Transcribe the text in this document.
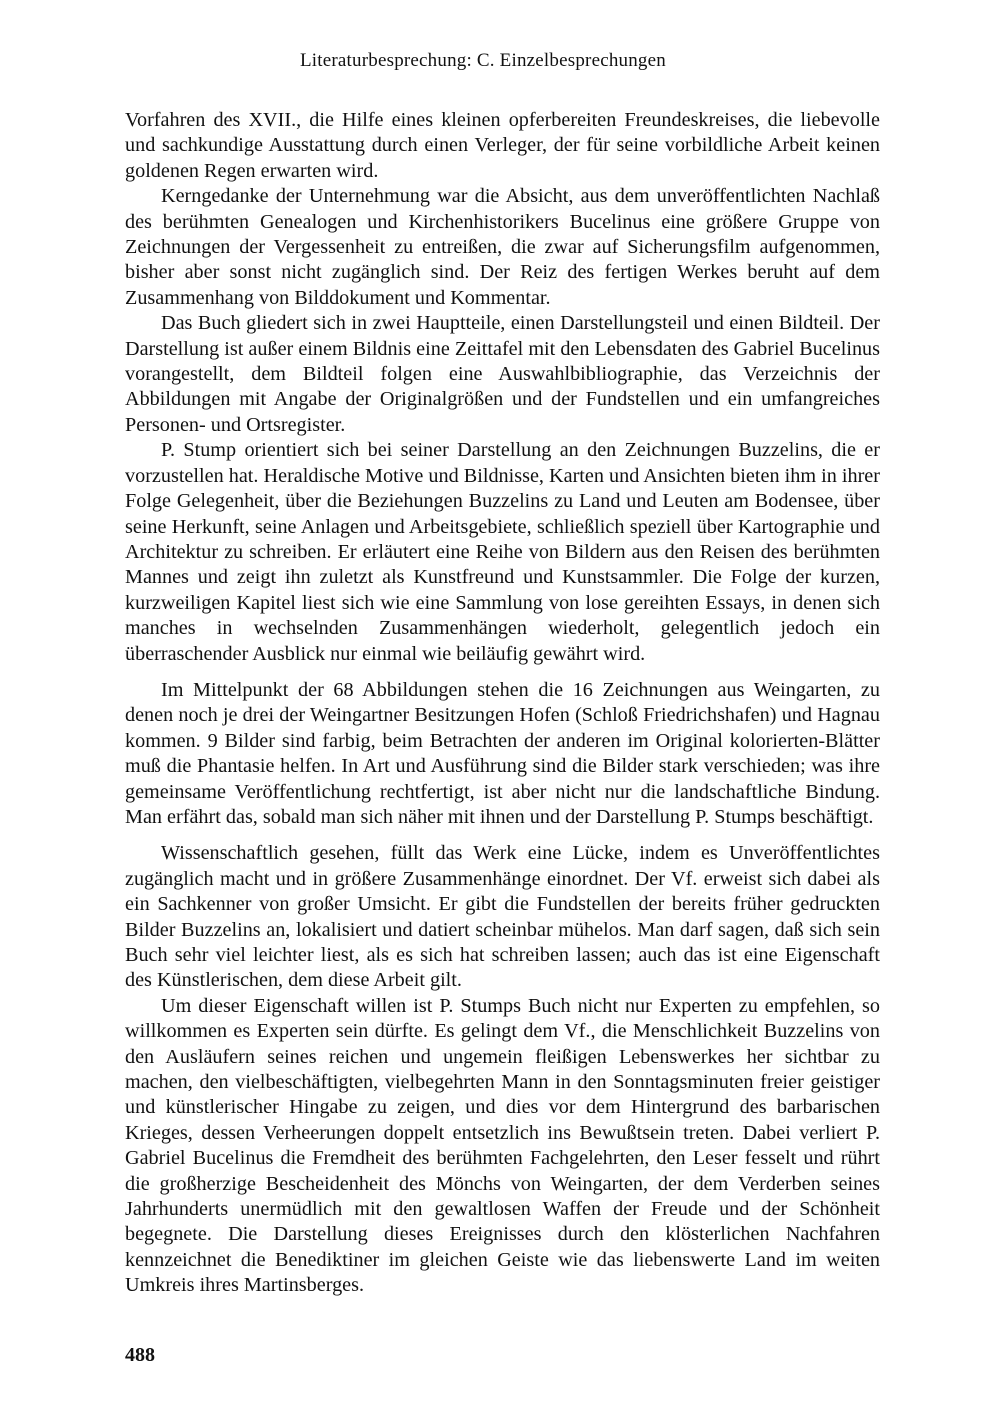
Literaturbesprechung: C. Einzelbesprechungen

Vorfahren des XVII., die Hilfe eines kleinen opferbereiten Freundeskreises, die liebevolle und sachkundige Ausstattung durch einen Verleger, der für seine vorbildliche Arbeit keinen goldenen Regen erwarten wird.

Kerngedanke der Unternehmung war die Absicht, aus dem unveröffentlichten Nachlaß des berühmten Genealogen und Kirchenhistorikers Bucelinus eine größere Gruppe von Zeichnungen der Vergessenheit zu entreißen, die zwar auf Sicherungsfilm aufgenommen, bisher aber sonst nicht zugänglich sind. Der Reiz des fertigen Werkes beruht auf dem Zusammenhang von Bilddokument und Kommentar.

Das Buch gliedert sich in zwei Hauptteile, einen Darstellungsteil und einen Bildteil. Der Darstellung ist außer einem Bildnis eine Zeittafel mit den Lebensdaten des Gabriel Bucelinus vorangestellt, dem Bildteil folgen eine Auswahlbibliographie, das Verzeichnis der Abbildungen mit Angabe der Originalgrößen und der Fundstellen und ein umfangreiches Personen- und Ortsregister.

P. Stump orientiert sich bei seiner Darstellung an den Zeichnungen Buzzelins, die er vorzustellen hat. Heraldische Motive und Bildnisse, Karten und Ansichten bieten ihm in ihrer Folge Gelegenheit, über die Beziehungen Buzzelins zu Land und Leuten am Bodensee, über seine Herkunft, seine Anlagen und Arbeitsgebiete, schließlich speziell über Kartographie und Architektur zu schreiben. Er erläutert eine Reihe von Bildern aus den Reisen des berühmten Mannes und zeigt ihn zuletzt als Kunstfreund und Kunstsammler. Die Folge der kurzen, kurzweiligen Kapitel liest sich wie eine Sammlung von lose gereihten Essays, in denen sich manches in wechselnden Zusammenhängen wiederholt, gelegentlich jedoch ein überraschender Ausblick nur einmal wie beiläufig gewährt wird.

Im Mittelpunkt der 68 Abbildungen stehen die 16 Zeichnungen aus Weingarten, zu denen noch je drei der Weingartner Besitzungen Hofen (Schloß Friedrichshafen) und Hagnau kommen. 9 Bilder sind farbig, beim Betrachten der anderen im Original kolorierten-Blätter muß die Phantasie helfen. In Art und Ausführung sind die Bilder stark verschieden; was ihre gemeinsame Veröffentlichung rechtfertigt, ist aber nicht nur die landschaftliche Bindung. Man erfährt das, sobald man sich näher mit ihnen und der Darstellung P. Stumps beschäftigt.

Wissenschaftlich gesehen, füllt das Werk eine Lücke, indem es Unveröffentlichtes zugänglich macht und in größere Zusammenhänge einordnet. Der Vf. erweist sich dabei als ein Sachkenner von großer Umsicht. Er gibt die Fundstellen der bereits früher gedruckten Bilder Buzzelins an, lokalisiert und datiert scheinbar mühelos. Man darf sagen, daß sich sein Buch sehr viel leichter liest, als es sich hat schreiben lassen; auch das ist eine Eigenschaft des Künstlerischen, dem diese Arbeit gilt.

Um dieser Eigenschaft willen ist P. Stumps Buch nicht nur Experten zu empfehlen, so willkommen es Experten sein dürfte. Es gelingt dem Vf., die Menschlichkeit Buzzelins von den Ausläufern seines reichen und ungemein fleißigen Lebenswerkes her sichtbar zu machen, den vielbeschäftigten, vielbegehrten Mann in den Sonntagsminuten freier geistiger und künstlerischer Hingabe zu zeigen, und dies vor dem Hintergrund des barbarischen Krieges, dessen Verheerungen doppelt entsetzlich ins Bewußtsein treten. Dabei verliert P. Gabriel Bucelinus die Fremdheit des berühmten Fachgelehrten, den Leser fesselt und rührt die großherzige Bescheidenheit des Mönchs von Weingarten, der dem Verderben seines Jahrhunderts unermüdlich mit den gewaltlosen Waffen der Freude und der Schönheit begegnete. Die Darstellung dieses Ereignisses durch den klösterlichen Nachfahren kennzeichnet die Benediktiner im gleichen Geiste wie das liebenswerte Land im weiten Umkreis ihres Martinsberges.

488
